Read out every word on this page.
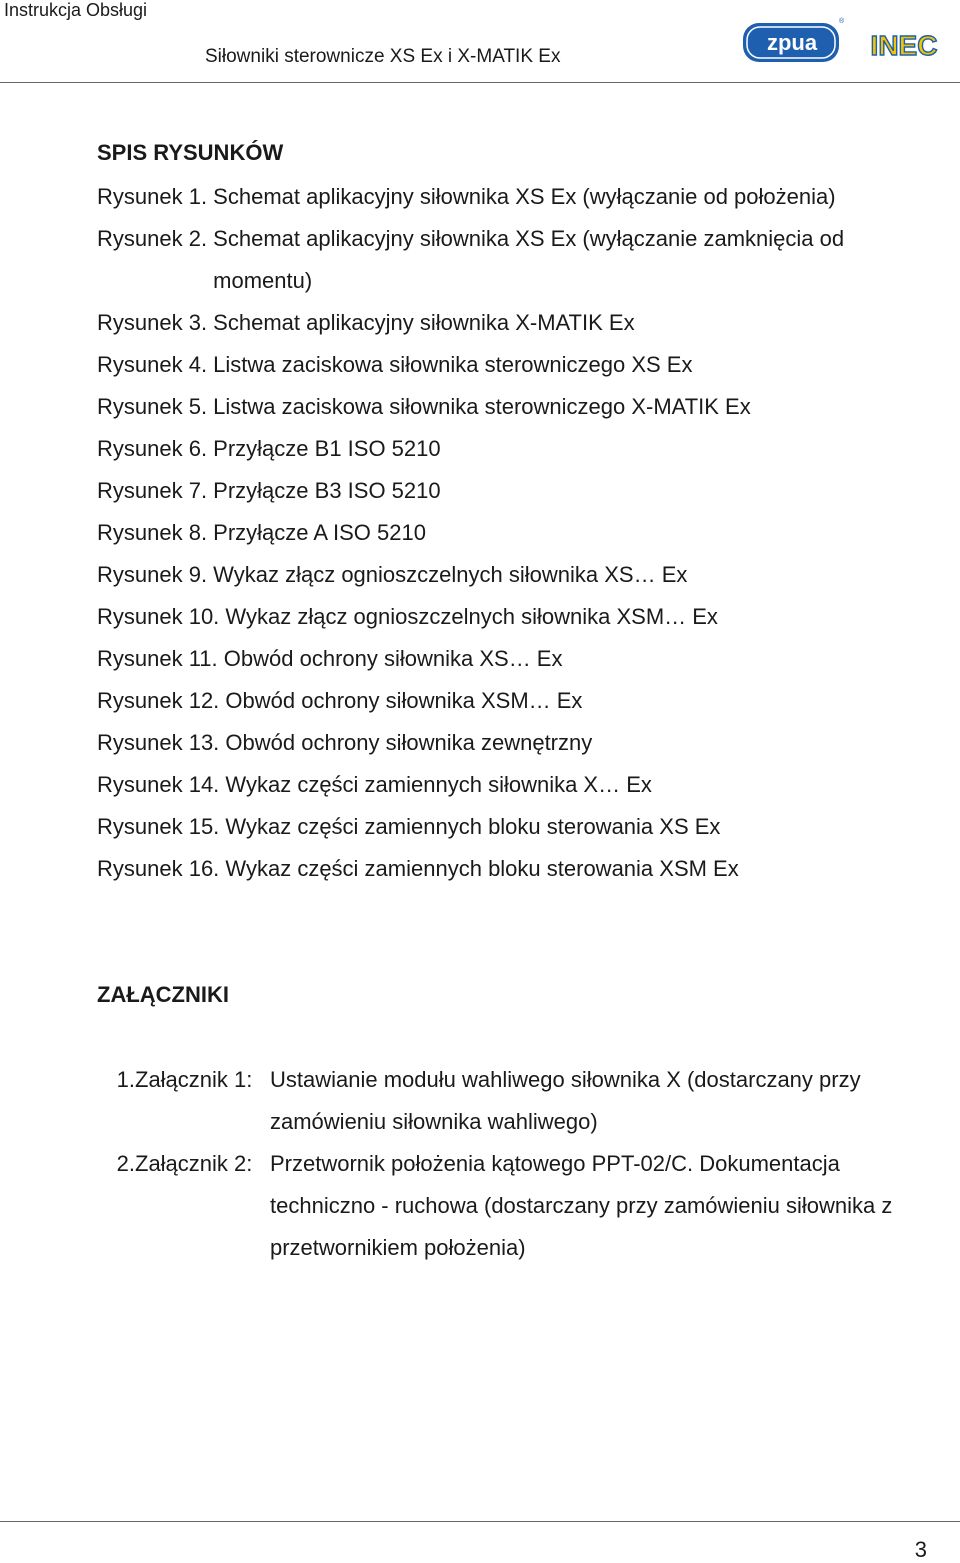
Instrukcja Obsługi
Siłowniki sterownicze XS Ex i X-MATIK Ex
zpua
®
INEC
SPIS RYSUNKÓW
Rysunek 1. Schemat aplikacyjny siłownika XS Ex (wyłączanie od położenia)
Rysunek 2. Schemat aplikacyjny siłownika XS Ex (wyłączanie zamknięcia od momentu)
Rysunek 3. Schemat aplikacyjny siłownika X-MATIK Ex
Rysunek 4. Listwa zaciskowa siłownika sterowniczego XS Ex
Rysunek 5. Listwa zaciskowa siłownika sterowniczego X-MATIK Ex
Rysunek 6. Przyłącze B1 ISO 5210
Rysunek 7. Przyłącze B3 ISO 5210
Rysunek 8. Przyłącze A ISO 5210
Rysunek 9. Wykaz złącz ognioszczelnych siłownika XS… Ex
Rysunek 10. Wykaz złącz ognioszczelnych siłownika XSM… Ex
Rysunek 11. Obwód ochrony siłownika XS… Ex
Rysunek 12. Obwód ochrony siłownika XSM… Ex
Rysunek 13. Obwód ochrony siłownika zewnętrzny
Rysunek 14. Wykaz części zamiennych siłownika X… Ex
Rysunek 15. Wykaz części zamiennych bloku sterowania XS Ex
Rysunek 16. Wykaz części zamiennych bloku sterowania XSM Ex
ZAŁĄCZNIKI
1. Załącznik 1: Ustawianie modułu wahliwego siłownika X (dostarczany przy zamówieniu siłownika wahliwego)
2. Załącznik 2: Przetwornik położenia kątowego PPT-02/C. Dokumentacja techniczno - ruchowa (dostarczany przy zamówieniu siłownika z przetwornikiem położenia)
3
